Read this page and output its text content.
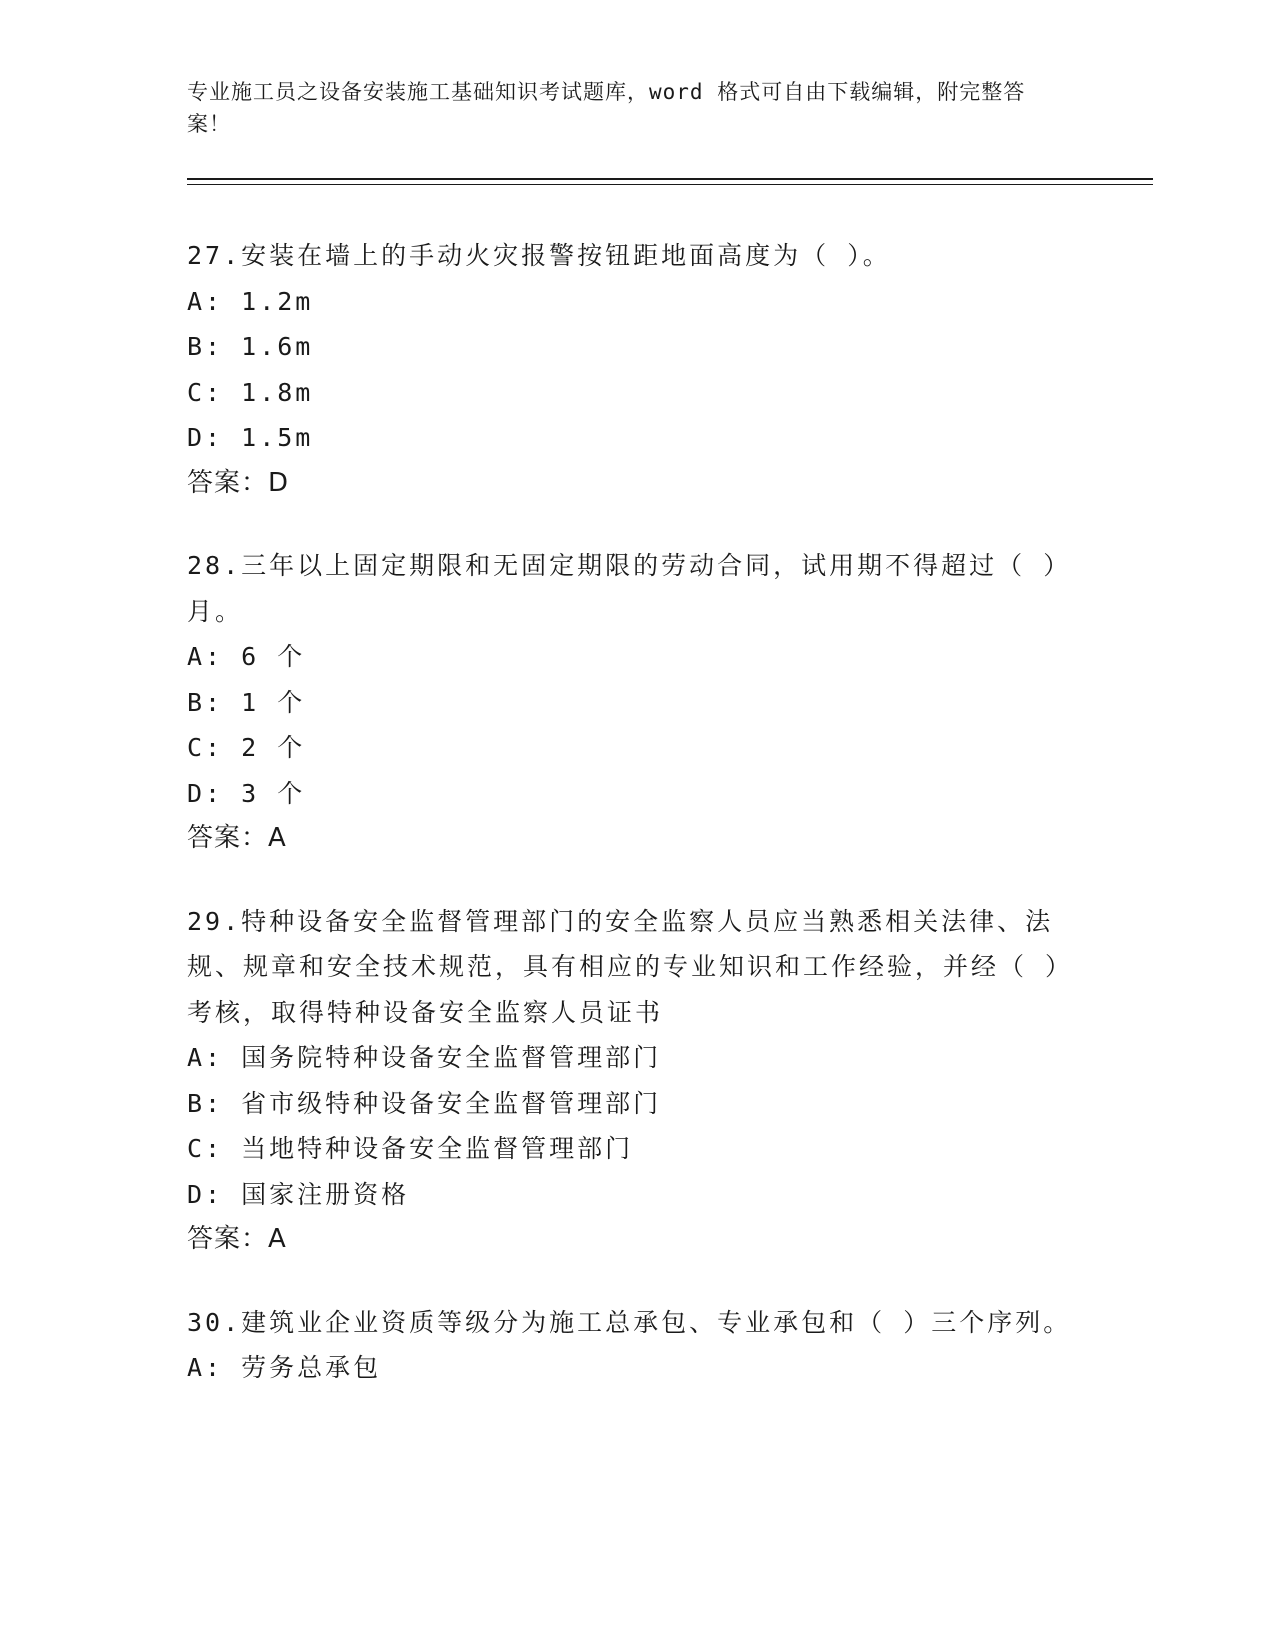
专业施工员之设备安装施工基础知识考试题库，word 格式可自由下载编辑，附完整答案！
27.安装在墙上的手动火灾报警按钮距地面高度为（ ）。
A: 1.2m
B: 1.6m
C: 1.8m
D: 1.5m
答案：D
28.三年以上固定期限和无固定期限的劳动合同，试用期不得超过（ ）月。
A: 6 个
B: 1 个
C: 2 个
D: 3 个
答案：A
29.特种设备安全监督管理部门的安全监察人员应当熟悉相关法律、法规、规章和安全技术规范，具有相应的专业知识和工作经验，并经（ ）考核，取得特种设备安全监察人员证书
A: 国务院特种设备安全监督管理部门
B: 省市级特种设备安全监督管理部门
C: 当地特种设备安全监督管理部门
D: 国家注册资格
答案：A
30.建筑业企业资质等级分为施工总承包、专业承包和（ ）三个序列。
A: 劳务总承包
